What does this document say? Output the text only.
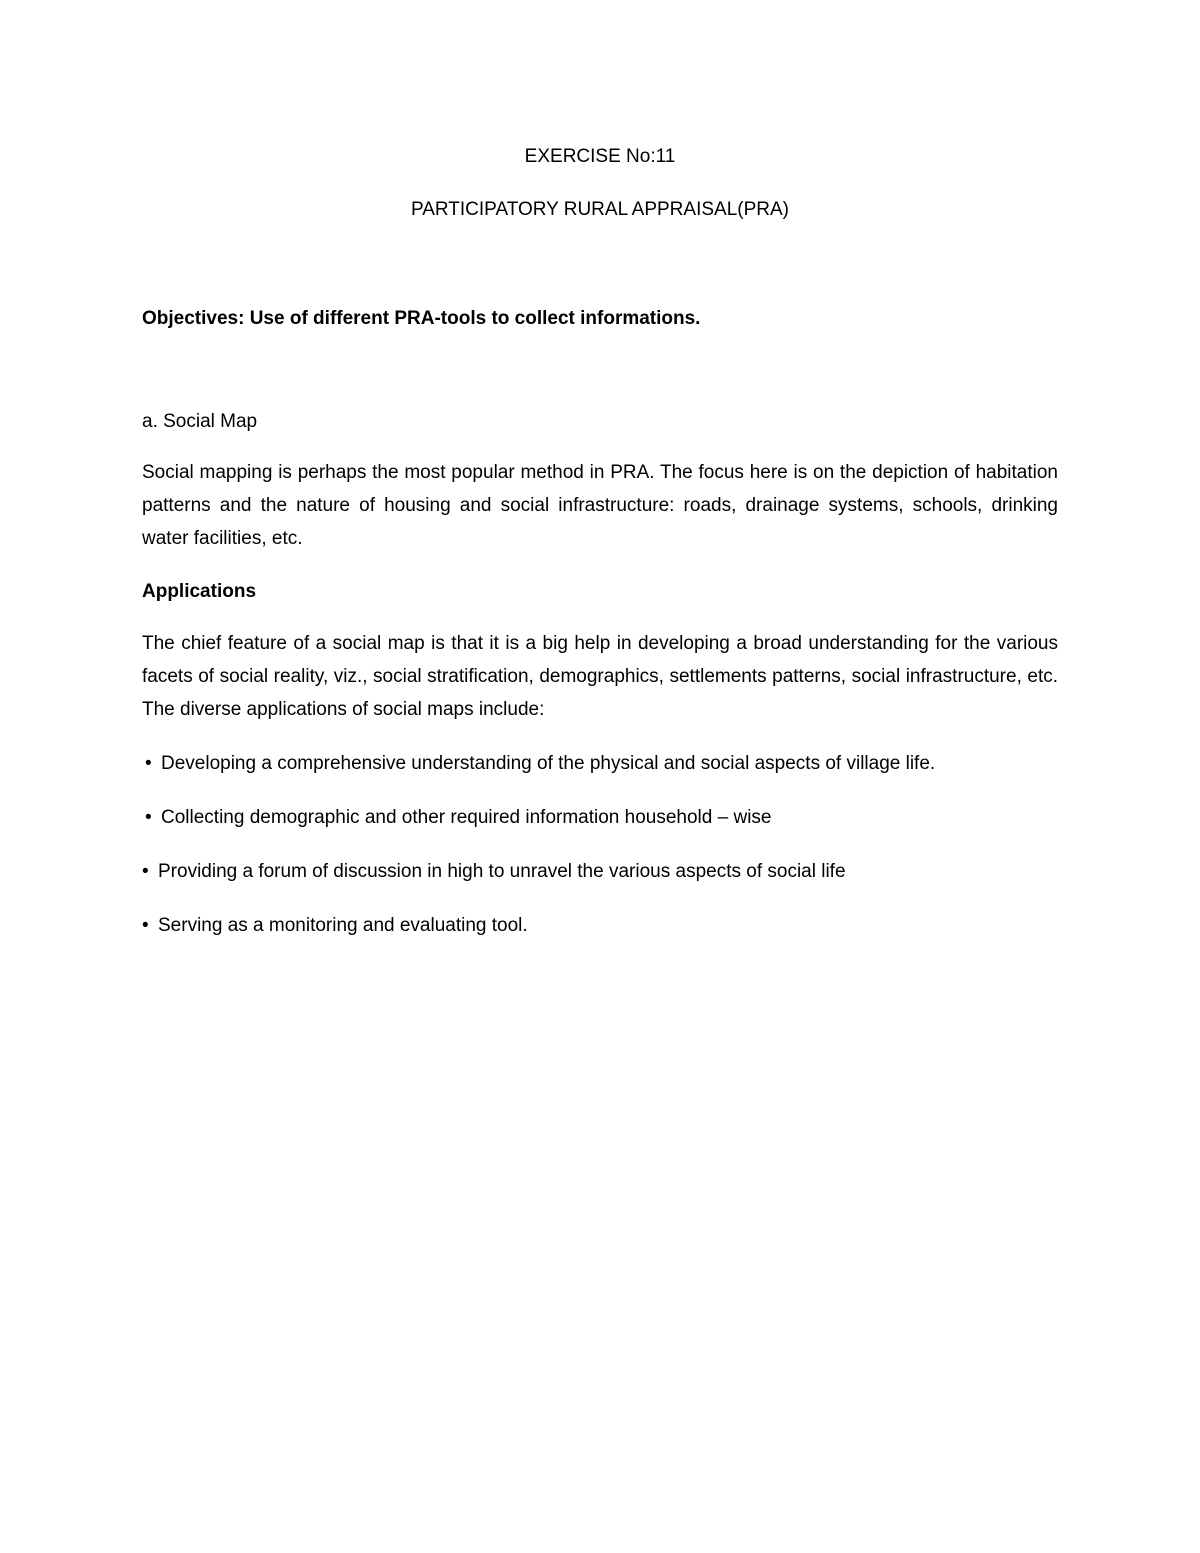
EXERCISE No:11
PARTICIPATORY RURAL APPRAISAL(PRA)
Objectives: Use of different PRA-tools to collect informations.
a. Social Map
Social mapping is perhaps the most popular method in PRA. The focus here is on the depiction of habitation patterns and the nature of housing and social infrastructure: roads, drainage systems, schools, drinking water facilities, etc.
Applications
The chief feature of a social map is that it is a big help in developing a broad understanding for the various facets of social reality, viz., social stratification, demographics, settlements patterns, social infrastructure, etc. The diverse applications of social maps include:
• Developing a comprehensive understanding of the physical and social aspects of village life.
• Collecting demographic and other required information household – wise
• Providing a forum of discussion in high to unravel the various aspects of social life
• Serving as a monitoring and evaluating tool.
